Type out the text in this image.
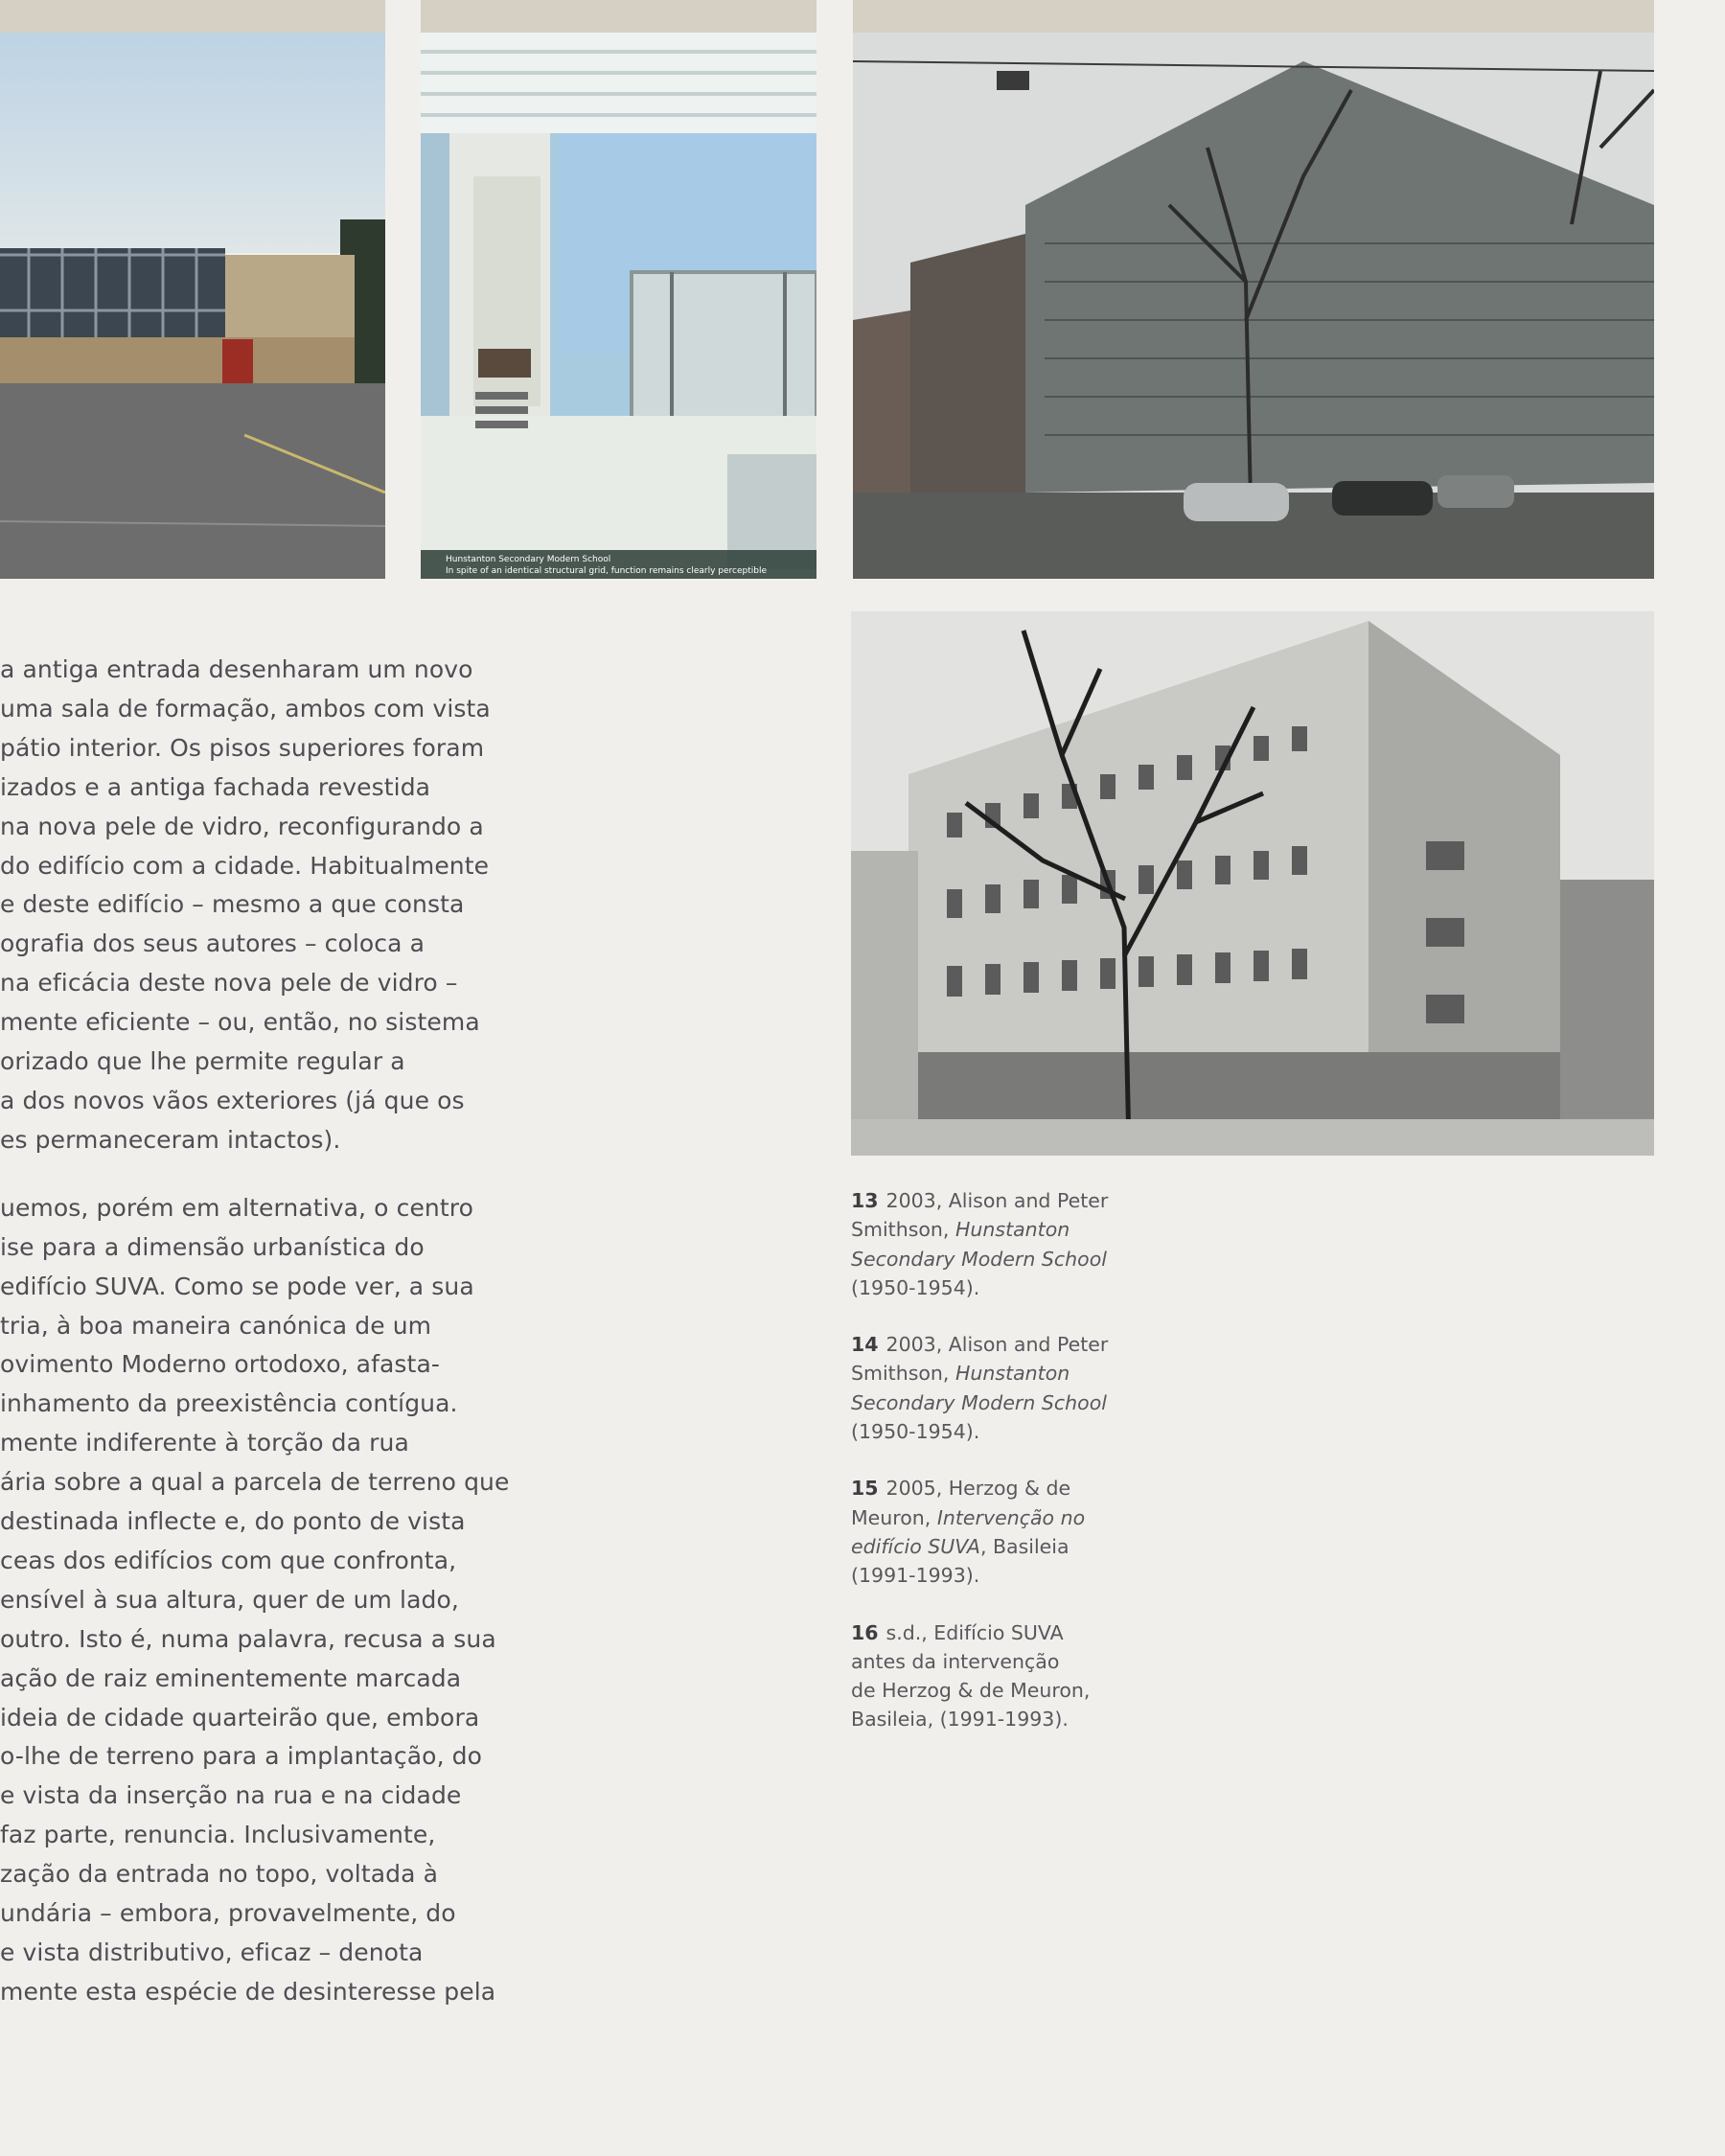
Hunstanton Secondary Modern School
In spite of an identical structural grid, function remains clearly perceptible
a antiga entrada desenharam um novo
uma sala de formação, ambos com vista
pátio interior. Os pisos superiores foram
izados e a antiga fachada revestida
na nova pele de vidro, reconfigurando a
do edifício com a cidade. Habitualmente
e deste edifício – mesmo a que consta
ografia dos seus autores – coloca a
na eficácia deste nova pele de vidro –
mente eficiente – ou, então, no sistema
orizado que lhe permite regular a
a dos novos vãos exteriores (já que os
es permaneceram intactos).
uemos, porém em alternativa, o centro
ise para a dimensão urbanística do
edifício SUVA. Como se pode ver, a sua
tria, à boa maneira canónica de um
ovimento Moderno ortodoxo, afasta-
inhamento da preexistência contígua.
mente indiferente à torção da rua
ária sobre a qual a parcela de terreno que
destinada inflecte e, do ponto de vista
ceas dos edifícios com que confronta,
ensível à sua altura, quer de um lado,
outro. Isto é, numa palavra, recusa a sua
ação de raiz eminentemente marcada
ideia de cidade quarteirão que, embora
o-lhe de terreno para a implantação, do
e vista da inserção na rua e na cidade
faz parte, renuncia. Inclusivamente,
zação da entrada no topo, voltada à
undária – embora, provavelmente, do
e vista distributivo, eficaz – denota
mente esta espécie de desinteresse pela
13 2003, Alison and Peter
Smithson, Hunstanton
Secondary Modern School
(1950-1954).
14 2003, Alison and Peter
Smithson, Hunstanton
Secondary Modern School
(1950-1954).
15 2005, Herzog & de
Meuron, Intervenção no
edifício SUVA, Basileia
(1991-1993).
16 s.d., Edifício SUVA
antes da intervenção
de Herzog & de Meuron,
Basileia, (1991-1993).
